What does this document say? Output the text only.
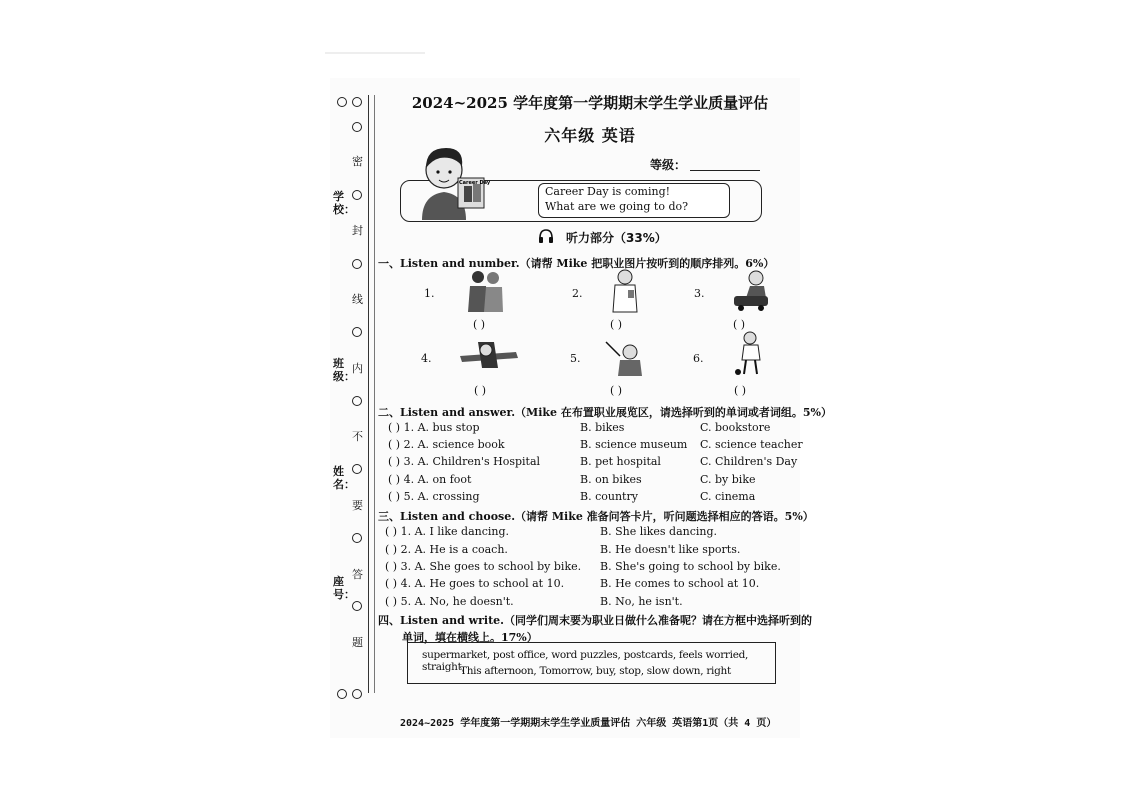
密
封
线
内
不
要
答
题
学校：
班级：
姓名：
座号：
2024~2025 学年度第一学期期末学生学业质量评估
六年级 英语
等级：
Career Day
Career Day is coming!
What are we going to do?
听力部分（33%）
一、Listen and number.（请帮 Mike 把职业图片按听到的顺序排列。6%）
1.	2.	3.
4.	5.	6.
( )	( )	( )
( )	( )	( )
二、Listen and answer.（Mike 在布置职业展览区，请选择听到的单词或者词组。5%）
( ) 1. A. bus stop	B. bikes	C. bookstore
( ) 2. A. science book	B. science museum C. science teacher
( ) 3. A. Children's Hospital	B. pet hospital	C. Children's Day
( ) 4. A. on foot	B. on bikes	C. by bike
( ) 5. A. crossing	B. country	C. cinema
三、Listen and choose.（请帮 Mike 准备问答卡片，听问题选择相应的答语。5%）
( ) 1. A. I like dancing.	B. She likes dancing.
( ) 2. A. He is a coach.	B. He doesn't like sports.
( ) 3. A. She goes to school by bike. B. She's going to school by bike.
( ) 4. A. He goes to school at 10.	B. He comes to school at 10.
( ) 5. A. No, he doesn't.	B. No, he isn't.
四、Listen and write.（同学们周末要为职业日做什么准备呢？请在方框中选择听到的
单词，填在横线上。17%）
supermarket, post office, word puzzles, postcards, feels worried, straight,
This afternoon, Tomorrow, buy, stop, slow down, right
2024~2025 学年度第一学期期末学生学业质量评估 六年级 英语第1页（共 4 页）
